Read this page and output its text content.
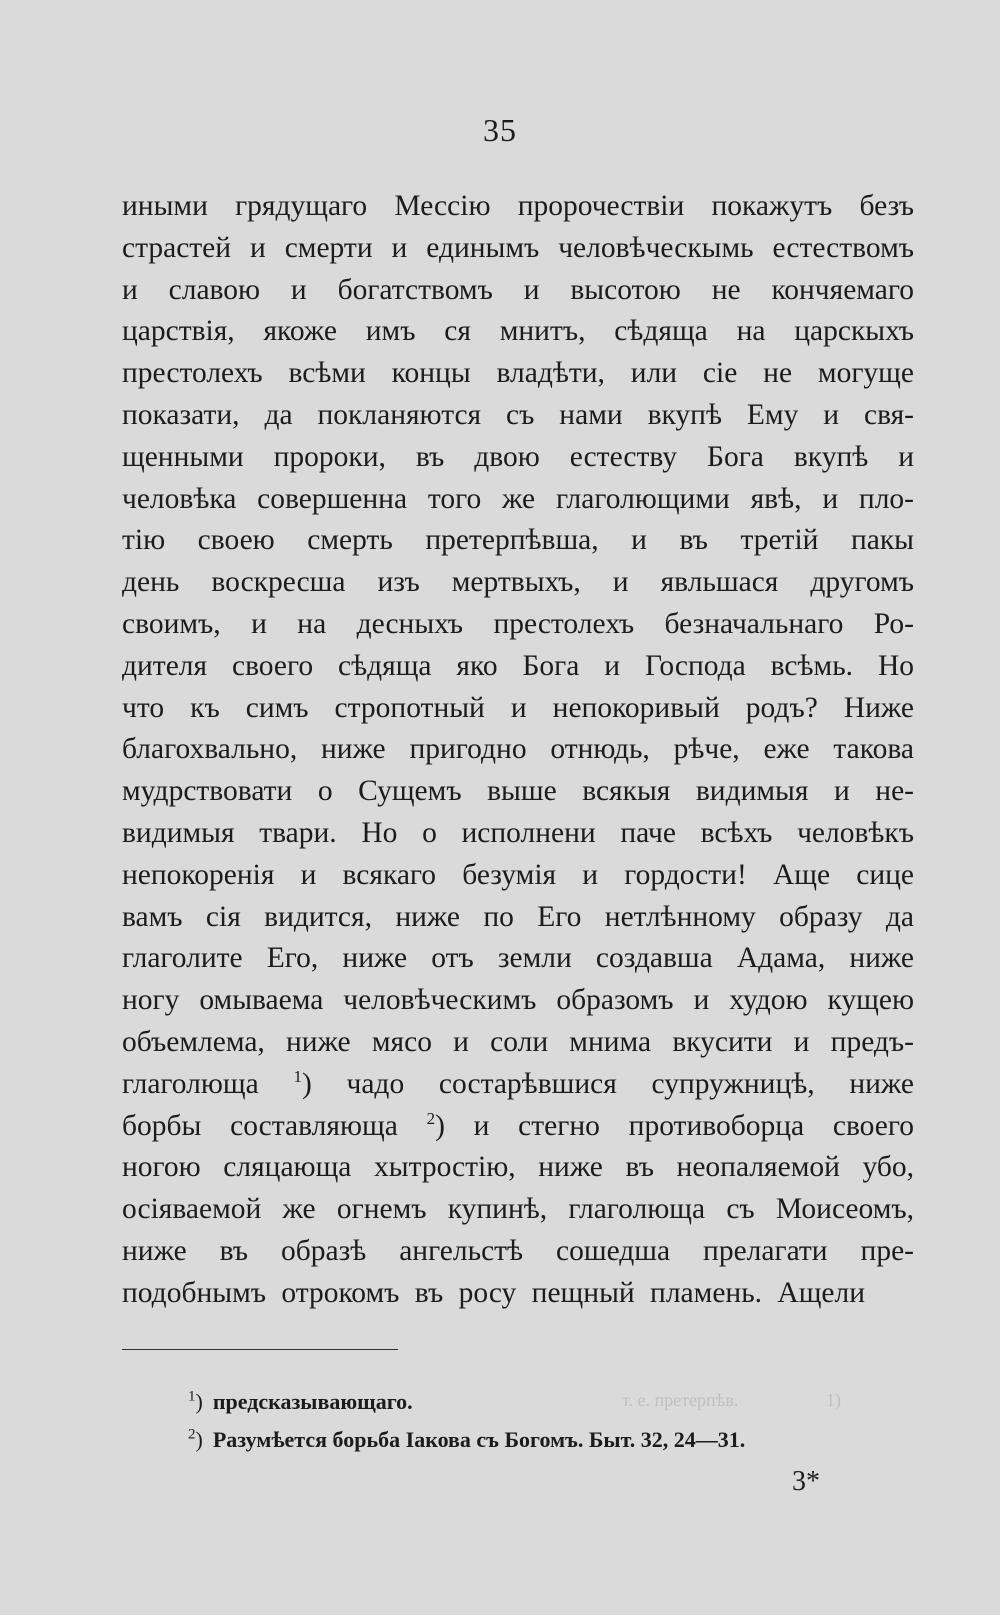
35
иными грядущаго Мессію пророчествіи покажутъ безъ
страстей и смерти и единымъ человѣческымь естествомъ
и славою и богатствомъ и высотою не кончяемаго
царствія, якоже имъ ся мнитъ, сѣдяща на царскыхъ
престолехъ всѣми концы владѣти, или сіе не могуще
показати, да покланяются съ нами вкупѣ Ему и свя-
щенными пророки, въ двою естеству Бога вкупѣ и
человѣка совершенна того же глаголющими явѣ, и пло-
тію своею смерть претерпѣвша, и въ третій пакы
день воскресша изъ мертвыхъ, и явльшася другомъ
своимъ, и на десныхъ престолехъ безначальнаго Ро-
дителя своего сѣдяща яко Бога и Господа всѣмь. Но
что къ симъ стропотный и непокоривый родъ? Ниже
благохвально, ниже пригодно отнюдь, рѣче, еже такова
мудрствовати о Сущемъ выше всякыя видимыя и не-
видимыя твари. Но о исполнени паче всѣхъ человѣкъ
непокоренія и всякаго безумія и гордости! Аще сице
вамъ сія видится, ниже по Его нетлѣнному образу да
глаголите Его, ниже отъ земли создавша Адама, ниже
ногу омываема человѣческимъ образомъ и худою кущею
объемлема, ниже мясо и соли мнима вкусити и предъ-
глаголюща $^1$) чадо состарѣвшися супружницѣ, ниже
борбы составляюща $^2$) и стегно противоборца своего
ногою сляцающа хытростію, ниже въ неопаляемой убо,
осіяваемой же огнемъ купинѣ, глаголюща съ Моисеомъ,
ниже въ образѣ ангельстѣ сошедша прелагати пре-
подобнымъ отрокомъ въ росу пещный пламень. Ащели
$^1$) предсказывающаго.
$^2$) Разумѣется борьба Іакова съ Богомъ. Быт. 32, 24—31.
3*
т. е. претерпѣв.	1)
